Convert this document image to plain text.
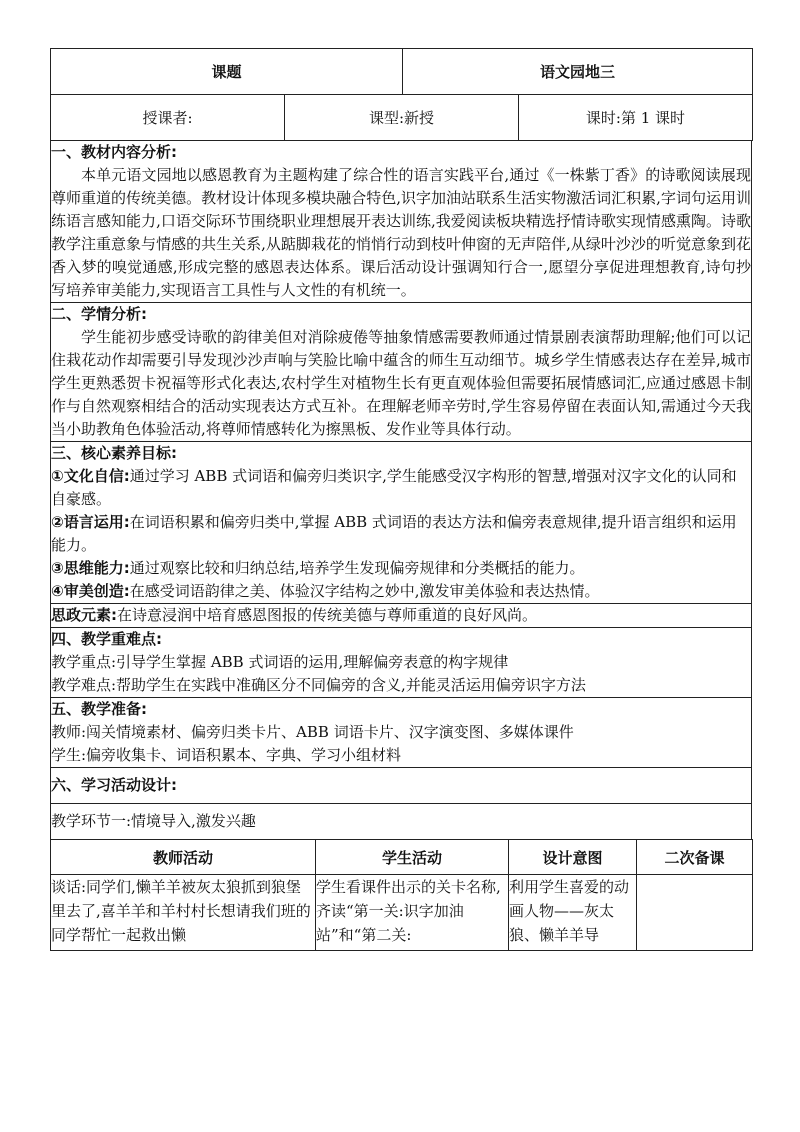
课题	语文园地三
授课者:	课型:新授	课时:第 1 课时
一、教材内容分析:
本单元语文园地以感恩教育为主题构建了综合性的语言实践平台,通过《一株紫丁香》的诗歌阅读展现尊师重道的传统美德。教材设计体现多模块融合特色,识字加油站联系生活实物激活词汇积累,字词句运用训练语言感知能力,口语交际环节围绕职业理想展开表达训练,我爱阅读板块精选抒情诗歌实现情感熏陶。诗歌教学注重意象与情感的共生关系,从踮脚栽花的悄悄行动到枝叶伸窗的无声陪伴,从绿叶沙沙的听觉意象到花香入梦的嗅觉通感,形成完整的感恩表达体系。课后活动设计强调知行合一,愿望分享促进理想教育,诗句抄写培养审美能力,实现语言工具性与人文性的有机统一。

二、学情分析:
学生能初步感受诗歌的韵律美但对消除疲倦等抽象情感需要教师通过情景剧表演帮助理解;他们可以记住栽花动作却需要引导发现沙沙声响与笑脸比喻中蕴含的师生互动细节。城乡学生情感表达存在差异,城市学生更熟悉贺卡祝福等形式化表达,农村学生对植物生长有更直观体验但需要拓展情感词汇,应通过感恩卡制作与自然观察相结合的活动实现表达方式互补。在理解老师辛劳时,学生容易停留在表面认知,需通过今天我当小助教角色体验活动,将尊师情感转化为擦黑板、发作业等具体行动。

三、核心素养目标:
①文化自信:通过学习 ABB 式词语和偏旁归类识字,学生能感受汉字构形的智慧,增强对汉字文化的认同和自豪感。
②语言运用:在词语积累和偏旁归类中,掌握 ABB 式词语的表达方法和偏旁表意规律,提升语言组织和运用能力。
③思维能力:通过观察比较和归纳总结,培养学生发现偏旁规律和分类概括的能力。
④审美创造:在感受词语韵律之美、体验汉字结构之妙中,激发审美体验和表达热情。

思政元素:在诗意浸润中培育感恩图报的传统美德与尊师重道的良好风尚。

四、教学重难点:
教学重点:引导学生掌握 ABB 式词语的运用,理解偏旁表意的构字规律
教学难点:帮助学生在实践中准确区分不同偏旁的含义,并能灵活运用偏旁识字方法

五、教学准备:
教师:闯关情境素材、偏旁归类卡片、ABB 词语卡片、汉字演变图、多媒体课件
学生:偏旁收集卡、词语积累本、字典、学习小组材料

六、学习活动设计:

教学环节一:情境导入,激发兴趣
教师活动	学生活动	设计意图	二次备课

谈话:同学们,懒羊羊被灰太狼抓到狼堡里去了,喜羊羊和羊村村长想请我们班的同学帮忙一起救出懒	学生看课件出示的关卡名称,齐读“第一关:识字加油站”和“第二关:	利用学生喜爱的动画人物——灰太狼、懒羊羊导	
